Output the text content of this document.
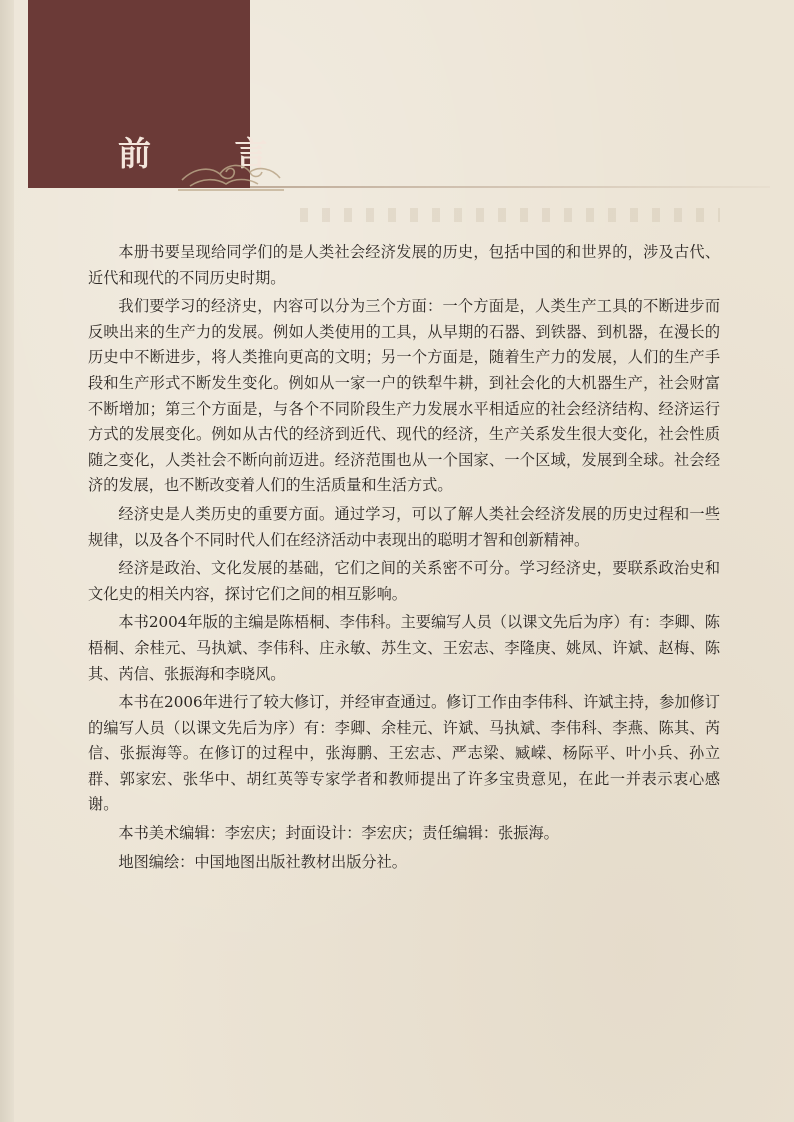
前 言

本册书要呈现给同学们的是人类社会经济发展的历史，包括中国的和世界的，涉及古代、近代和现代的不同历史时期。

我们要学习的经济史，内容可以分为三个方面：一个方面是，人类生产工具的不断进步而反映出来的生产力的发展。例如人类使用的工具，从早期的石器、到铁器、到机器，在漫长的历史中不断进步，将人类推向更高的文明；另一个方面是，随着生产力的发展，人们的生产手段和生产形式不断发生变化。例如从一家一户的铁犁牛耕，到社会化的大机器生产，社会财富不断增加；第三个方面是，与各个不同阶段生产力发展水平相适应的社会经济结构、经济运行方式的发展变化。例如从古代的经济到近代、现代的经济，生产关系发生很大变化，社会性质随之变化，人类社会不断向前迈进。经济范围也从一个国家、一个区域，发展到全球。社会经济的发展，也不断改变着人们的生活质量和生活方式。

经济史是人类历史的重要方面。通过学习，可以了解人类社会经济发展的历史过程和一些规律，以及各个不同时代人们在经济活动中表现出的聪明才智和创新精神。

经济是政治、文化发展的基础，它们之间的关系密不可分。学习经济史，要联系政治史和文化史的相关内容，探讨它们之间的相互影响。

本书2004年版的主编是陈梧桐、李伟科。主要编写人员（以课文先后为序）有：李卿、陈梧桐、余桂元、马执斌、李伟科、庄永敏、苏生文、王宏志、李隆庚、姚凤、许斌、赵梅、陈其、芮信、张振海和李晓风。

本书在2006年进行了较大修订，并经审查通过。修订工作由李伟科、许斌主持，参加修订的编写人员（以课文先后为序）有：李卿、余桂元、许斌、马执斌、李伟科、李燕、陈其、芮信、张振海等。在修订的过程中，张海鹏、王宏志、严志梁、臧嵘、杨际平、叶小兵、孙立群、郭家宏、张华中、胡红英等专家学者和教师提出了许多宝贵意见，在此一并表示衷心感谢。

本书美术编辑：李宏庆；封面设计：李宏庆；责任编辑：张振海。

地图编绘：中国地图出版社教材出版分社。
